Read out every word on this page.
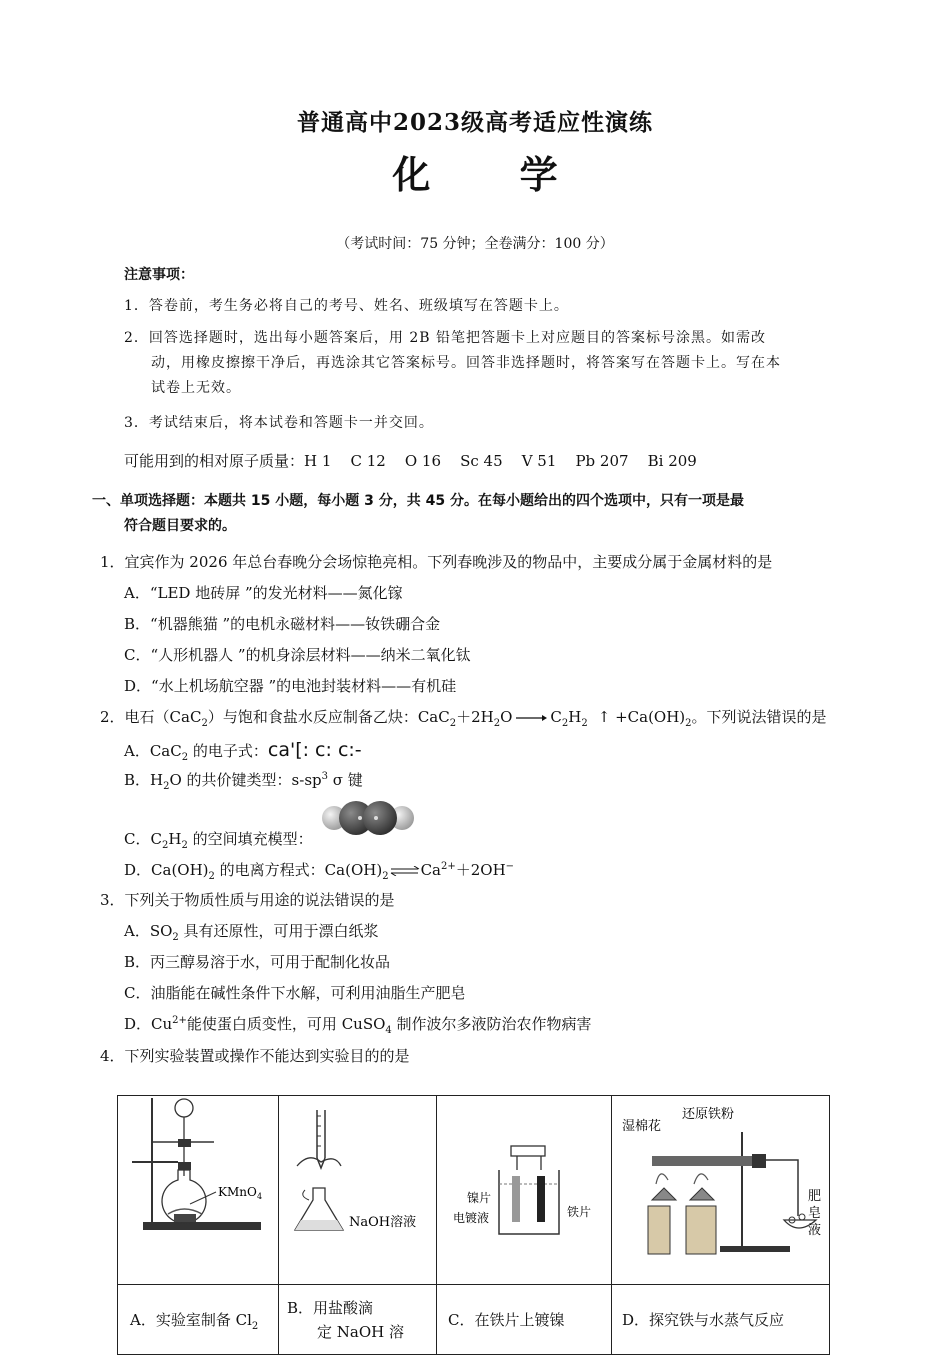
普通高中2023级高考适应性演练
化 学
（考试时间：75 分钟；全卷满分：100 分）
注意事项：
1．答卷前，考生务必将自己的考号、姓名、班级填写在答题卡上。
2．回答选择题时，选出每小题答案后，用 2B 铅笔把答题卡上对应题目的答案标号涂黑。如需改
动，用橡皮擦擦干净后，再选涂其它答案标号。回答非选择题时，将答案写在答题卡上。写在本
试卷上无效。
3．考试结束后，将本试卷和答题卡一并交回。
可能用到的相对原子质量：H 1    C 12    O 16    Sc 45    V 51    Pb 207    Bi 209
一、单项选择题：本题共 15 小题，每小题 3 分，共 45 分。在每小题给出的四个选项中，只有一项是最
符合题目要求的。
1．宜宾作为 2026 年总台春晚分会场惊艳亮相。下列春晚涉及的物品中，主要成分属于金属材料的是
A．“LED 地砖屏 ”的发光材料——氮化镓
B．“机器熊猫 ”的电机永磁材料——钕铁硼合金
C．“人形机器人 ”的机身涂层材料——纳米二氧化钛
D．“水上机场航空器 ”的电池封装材料——有机硅
2．电石（CaC$_2$）与饱和食盐水反应制备乙炔：$CaC_2+2H_2O \to C_2H_2$ ↑ $+Ca(OH)_2$。下列说法错误的是
A．CaC$_2$ 的电子式：ca'[: c: c:-
B．$H_2O$ 的共价键类型：$s-sp^3$ σ 键
C．$C_2H_2$ 的空间填充模型：
D．$Ca(OH)_2$ 的电离方程式：$Ca(OH)_2\rightleftharpoons Ca^{2+}+2OH^-$
3．下列关于物质性质与用途的说法错误的是
A．$SO_2$ 具有还原性，可用于漂白纸浆
B．丙三醇易溶于水，可用于配制化妆品
C．油脂能在碱性条件下水解，可利用油脂生产肥皂
D．$Cu^{2+}$能使蛋白质变性，可用 CuSO$_4$ 制作波尔多液防治农作物病害
4．下列实验装置或操作不能达到实验目的的是
KMnO 4
NaOH溶液
镍片
电镀液	铁片
湿棉花
还原铁粉
肥
皂
液
A．实验室制备 $Cl_2$
B．用盐酸滴
定 NaOH 溶
C．在铁片上镀镍	D．探究铁与水蒸气反应
